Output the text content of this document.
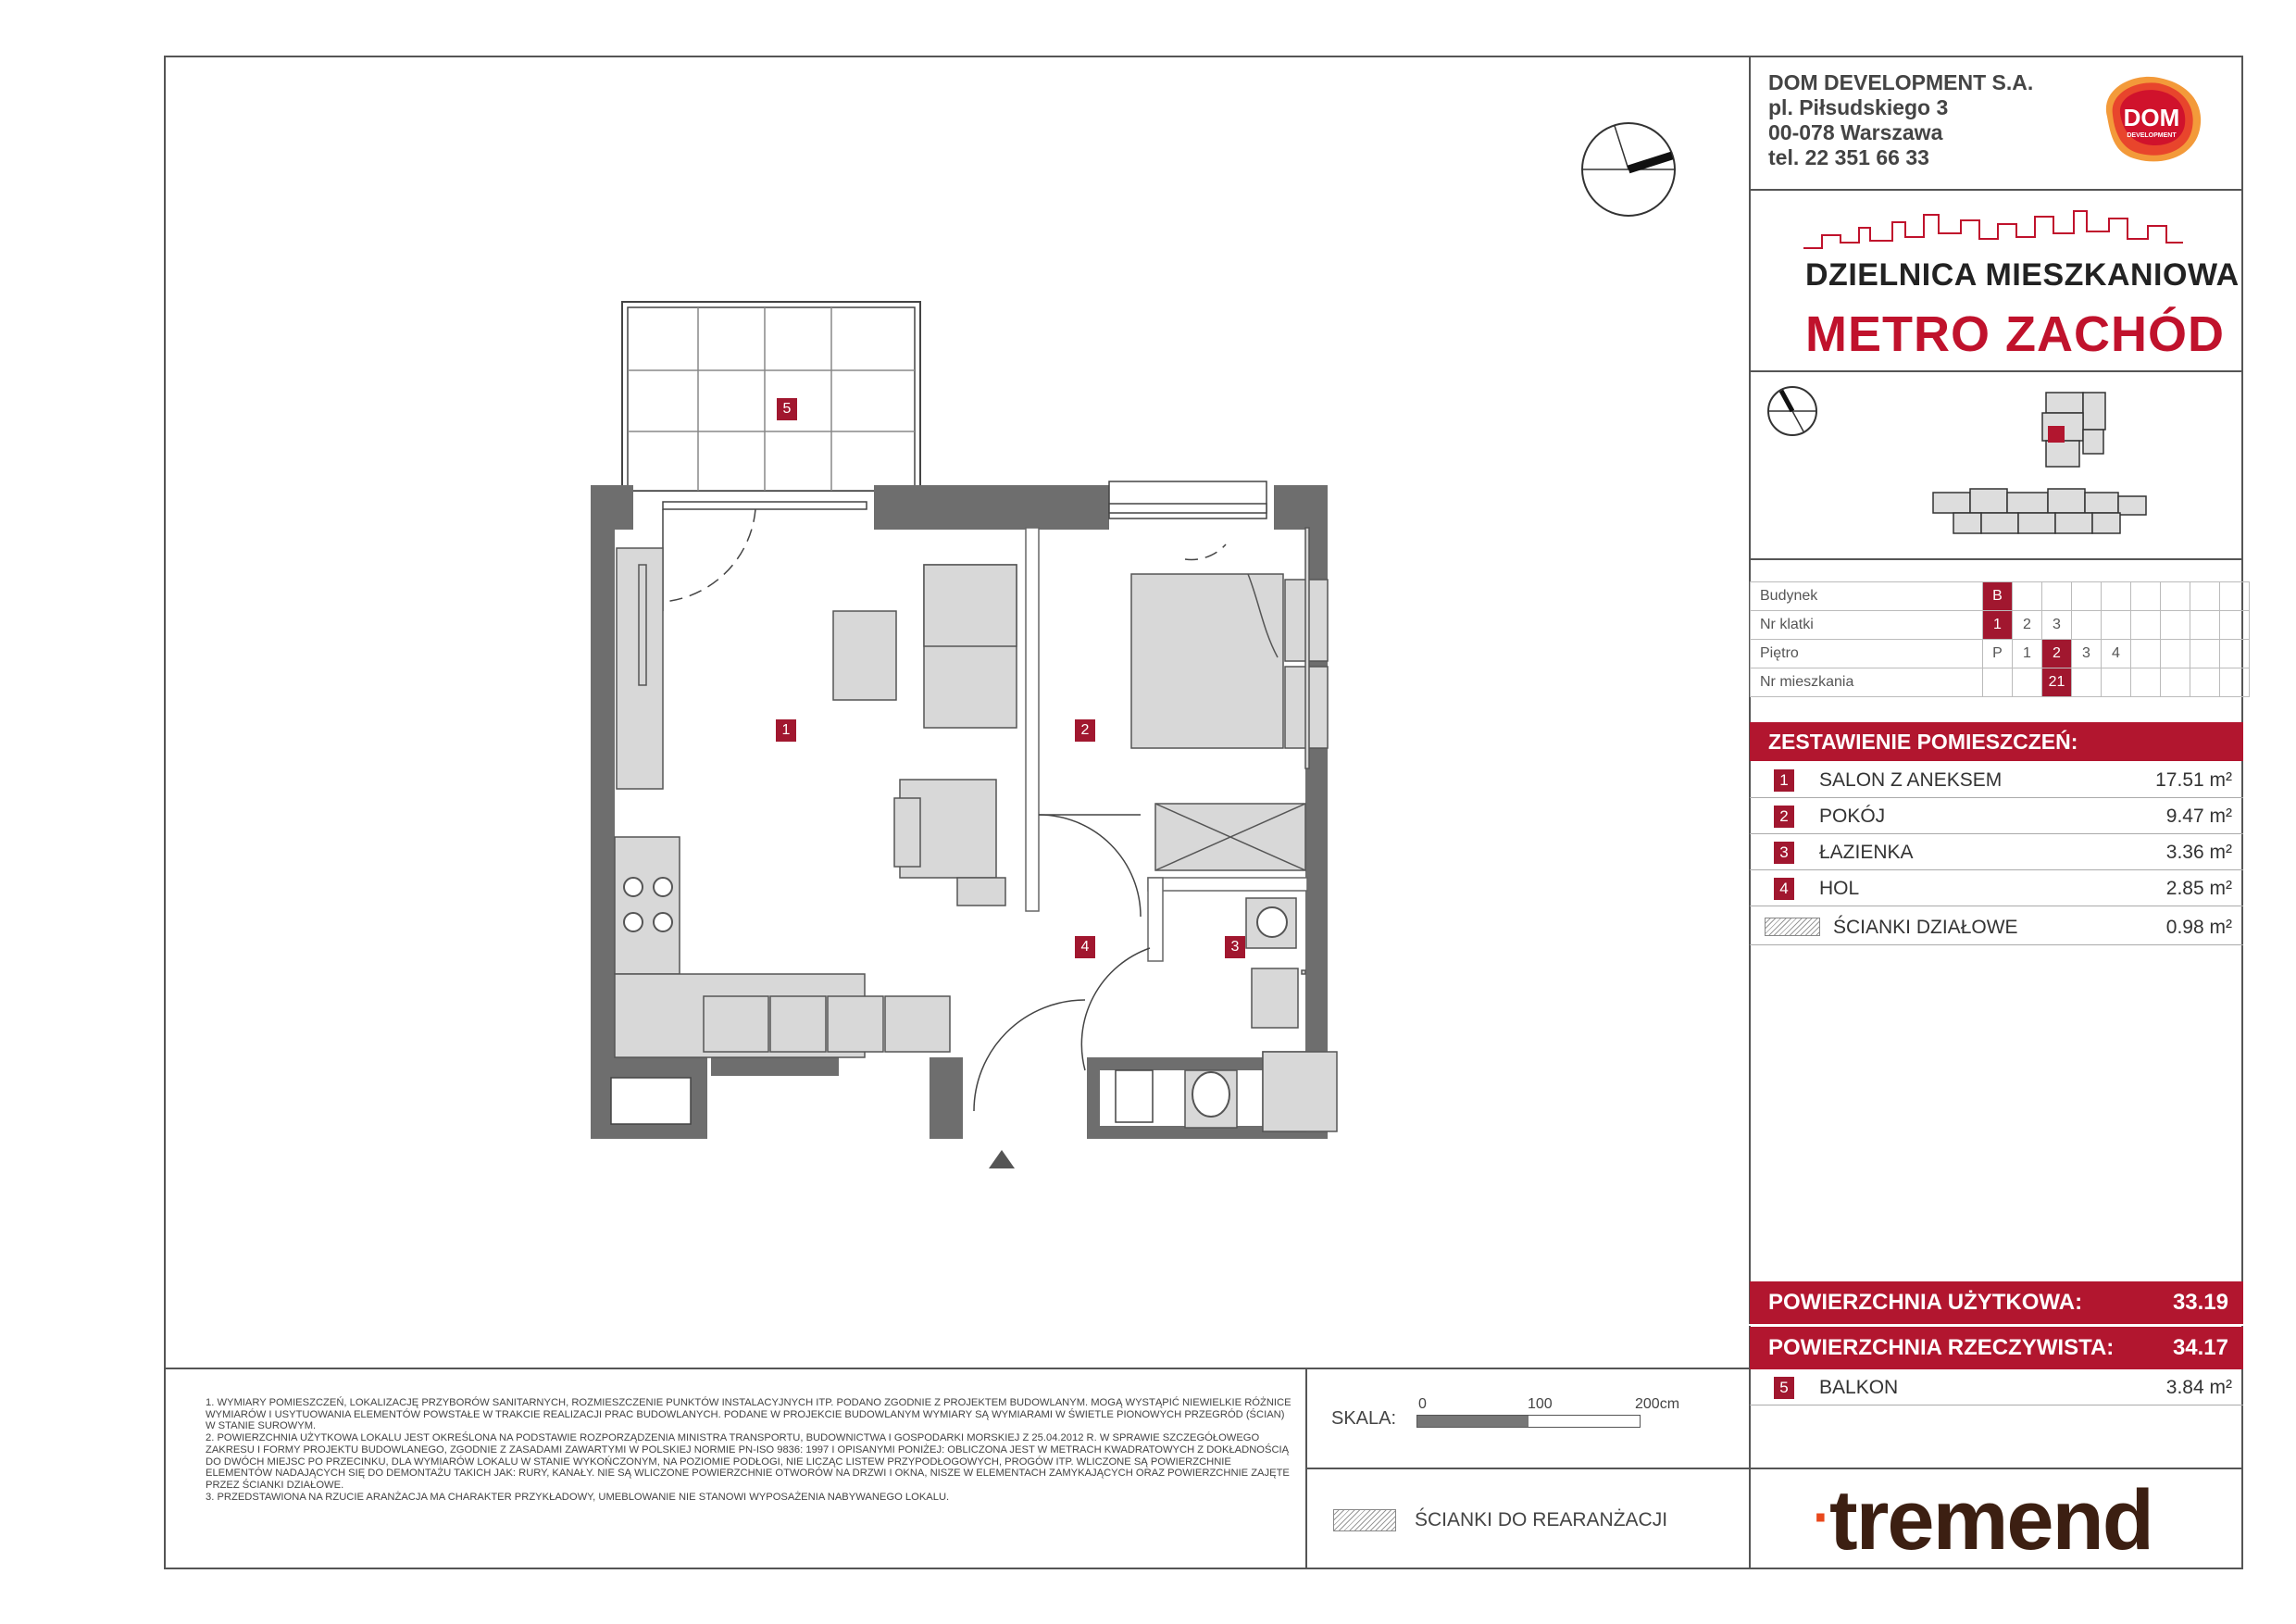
DOM DEVELOPMENT S.A.
pl. Piłsudskiego 3
00-078 Warszawa
tel. 22 351 66 33
DOM
DEVELOPMENT
DZIELNICA MIESZKANIOWA
METRO ZACHÓD
Budynek	B								
Nr klatki	1	2	3						
Piętro	P	1	2	3	4				
Nr mieszkania			21						
ZESTAWIENIE POMIESZCZEŃ:
1 SALON Z ANEKSEM	17.51 m²
2 POKÓJ	9.47 m²
3 ŁAZIENKA	3.36 m²
4 HOL	2.85 m²
ŚCIANKI DZIAŁOWE	0.98 m²
POWIERZCHNIA UŻYTKOWA:	33.19
POWIERZCHNIA RZECZYWISTA:	34.17
5 BALKON	3.84 m²
1. WYMIARY POMIESZCZEŃ, LOKALIZACJĘ PRZYBORÓW SANITARNYCH, ROZMIESZCZENIE PUNKTÓW INSTALACYJNYCH ITP. PODANO ZGODNIE Z PROJEKTEM BUDOWLANYM. MOGĄ WYSTĄPIĆ NIEWIELKIE RÓŻNICE WYMIARÓW I USYTUOWANIA ELEMENTÓW POWSTAŁE W TRAKCIE REALIZACJI PRAC BUDOWLANYCH. PODANE W PROJEKCIE BUDOWLANYM WYMIARY SĄ WYMIARAMI W ŚWIETLE PIONOWYCH PRZEGRÓD (ŚCIAN) W STANIE SUROWYM.
2. POWIERZCHNIA UŻYTKOWA LOKALU JEST OKREŚLONA NA PODSTAWIE ROZPORZĄDZENIA MINISTRA TRANSPORTU, BUDOWNICTWA I GOSPODARKI MORSKIEJ Z 25.04.2012 R. W SPRAWIE SZCZEGÓŁOWEGO ZAKRESU I FORMY PROJEKTU BUDOWLANEGO, ZGODNIE Z ZASADAMI ZAWARTYMI W POLSKIEJ NORMIE PN-ISO 9836: 1997 I OPISANYMI PONIŻEJ: OBLICZONA JEST W METRACH KWADRATOWYCH Z DOKŁADNOŚCIĄ DO DWÓCH MIEJSC PO PRZECINKU, DLA WYMIARÓW LOKALU W STANIE WYKOŃCZONYM, NA POZIOMIE PODŁOGI, NIE LICZĄC LISTEW PRZYPODŁOGOWYCH, PROGÓW ITP. WLICZONE SĄ POWIERZCHNIE ELEMENTÓW NADAJĄCYCH SIĘ DO DEMONTAŻU TAKICH JAK: RURY, KANAŁY. NIE SĄ WLICZONE POWIERZCHNIE OTWORÓW NA DRZWI I OKNA, NISZE W ELEMENTACH ZAMYKAJĄCYCH ORAZ POWIERZCHNIE ZAJĘTE PRZEZ ŚCIANKI DZIAŁOWE.
3. PRZEDSTAWIONA NA RZUCIE ARANŻACJA MA CHARAKTER PRZYKŁADOWY, UMEBLOWANIE NIE STANOWI WYPOSAŻENIA NABYWANEGO LOKALU.
SKALA:
0	100	200cm
ŚCIANKI DO REARANŻACJI	·tremend
1	2
3
4
5
